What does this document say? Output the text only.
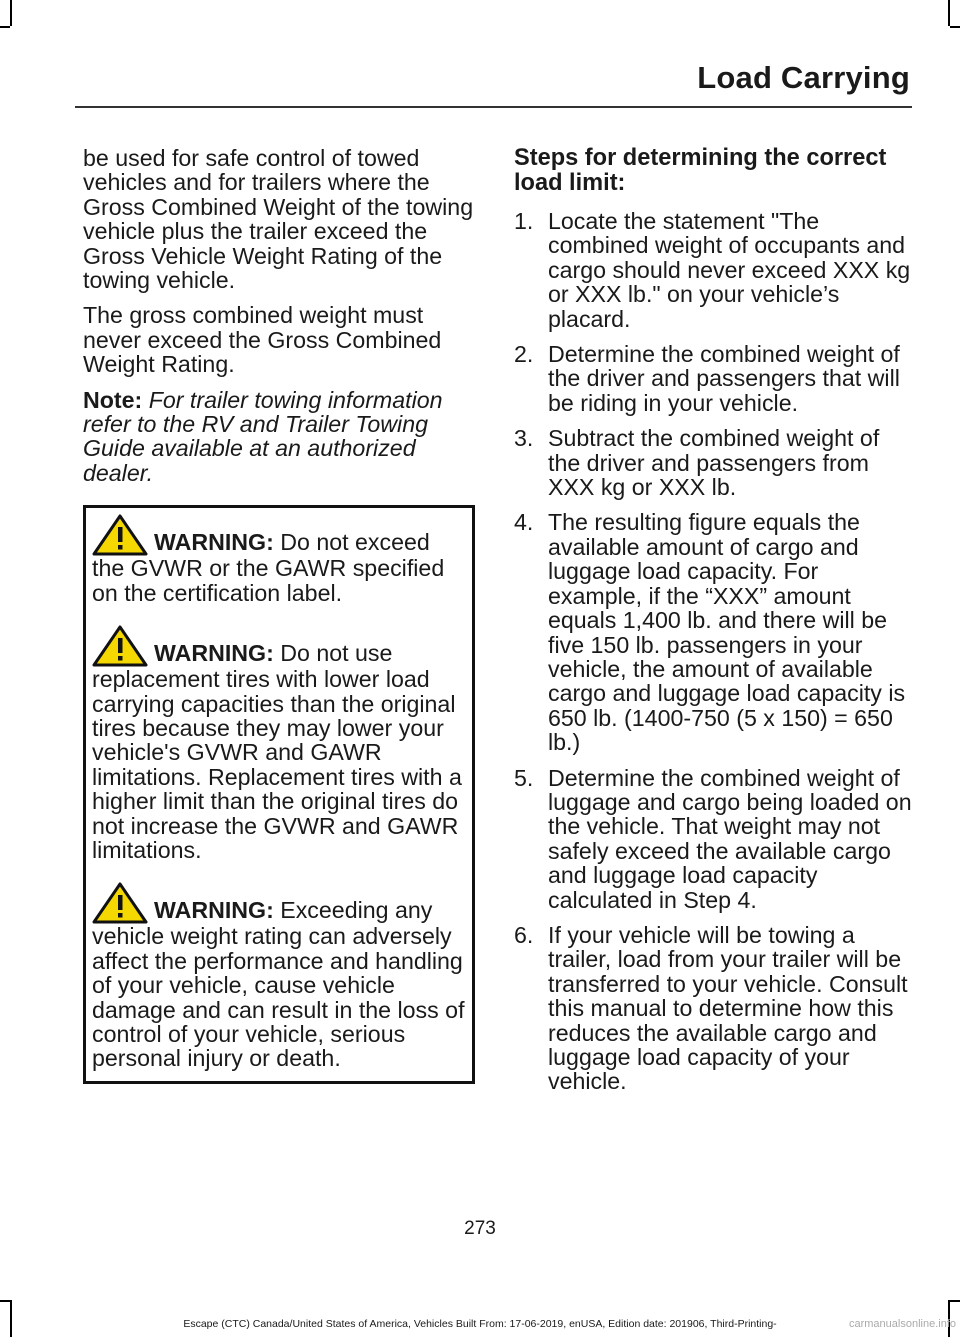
Load Carrying

be used for safe control of towed vehicles and for trailers where the Gross Combined Weight of the towing vehicle plus the trailer exceed the Gross Vehicle Weight Rating of the towing vehicle.

The gross combined weight must never exceed the Gross Combined Weight Rating.

Note: For trailer towing information refer to the RV and Trailer Towing Guide available at an authorized dealer.

WARNING: Do not exceed the GVWR or the GAWR specified on the certification label.

WARNING: Do not use replacement tires with lower load carrying capacities than the original tires because they may lower your vehicle's GVWR and GAWR limitations. Replacement tires with a higher limit than the original tires do not increase the GVWR and GAWR limitations.

WARNING: Exceeding any vehicle weight rating can adversely affect the performance and handling of your vehicle, cause vehicle damage and can result in the loss of control of your vehicle, serious personal injury or death.

Steps for determining the correct load limit:
1. Locate the statement "The combined weight of occupants and cargo should never exceed XXX kg or XXX lb." on your vehicle’s placard.
2. Determine the combined weight of the driver and passengers that will be riding in your vehicle.
3. Subtract the combined weight of the driver and passengers from XXX kg or XXX lb.
4. The resulting figure equals the available amount of cargo and luggage load capacity. For example, if the “XXX” amount equals 1,400 lb. and there will be five 150 lb. passengers in your vehicle, the amount of available cargo and luggage load capacity is 650 lb. (1400-750 (5 x 150) = 650 lb.)
5. Determine the combined weight of luggage and cargo being loaded on the vehicle. That weight may not safely exceed the available cargo and luggage load capacity calculated in Step 4.
6. If your vehicle will be towing a trailer, load from your trailer will be transferred to your vehicle. Consult this manual to determine how this reduces the available cargo and luggage load capacity of your vehicle.
273
Escape (CTC) Canada/United States of America, Vehicles Built From: 17-06-2019, enUSA, Edition date: 201906, Third-Printing-	carmanualsonline.info
